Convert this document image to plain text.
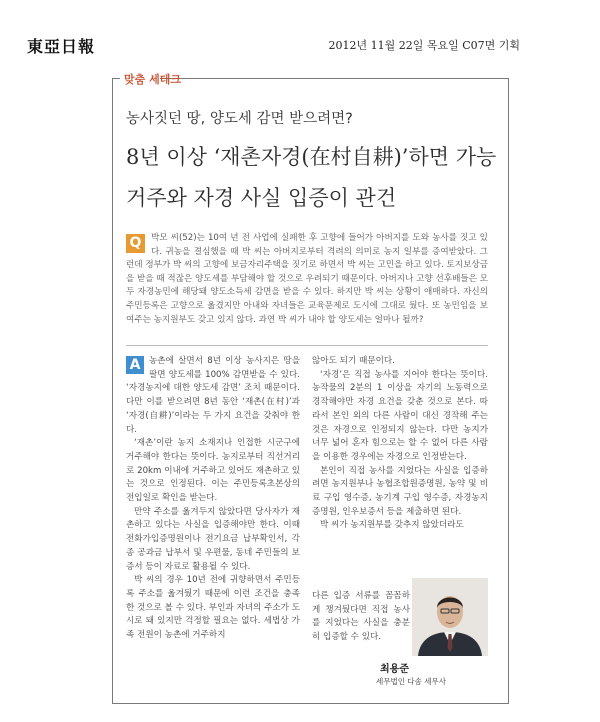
東亞日報	2012년 11월 22일 목요일 C07면 기획
맞춤 세테크
농사짓던 땅, 양도세 감면 받으려면?
8년 이상 ‘재촌자경(在村自耕)’하면 가능
거주와 자경 사실 입증이 관건
Q	박모 씨(52)는 10여 년 전 사업에 실패한 후 고향에 들어가 아버지를 도와 농사를 짓고 있다. 귀농을 결심했을 때 박 씨는 아버지로부터 격려의 의미로 농지 일부를 증여받았다. 그런데 정부가 박 씨의 고향에 보금자리주택을 짓기로 하면서 박 씨는 고민을 하고 있다. 토지보상금을 받을 때 적잖은 양도세를 부담해야 할 것으로 우려되기 때문이다. 아버지나 고향 선후배들은 모두 자경농민에 해당돼 양도소득세 감면을 받을 수 있다. 하지만 박 씨는 상황이 애매하다. 자신의 주민등록은 고향으로 옮겼지만 아내와 자녀들은 교육문제로 도시에 그대로 뒀다. 또 농민임을 보여주는 농지원부도 갖고 있지 않다. 과연 박 씨가 내야 할 양도세는 얼마나 될까?
A 농촌에 살면서 8년 이상 농사지은 땅을 팔면 양도세를 100% 감면받을 수 있다. ‘자경농지에 대한 양도세 감면’ 조치 때문이다. 다만 이를 받으려면 8년 동안 ‘재촌(在村)’과 ‘자경(自耕)’이라는 두 가지 요건을 갖춰야 한다.

‘재촌’이란 농지 소재지나 인접한 시군구에 거주해야 한다는 뜻이다. 농지로부터 직선거리로 20km 이내에 거주하고 있어도 재촌하고 있는 것으로 인정된다. 이는 주민등록초본상의 전입일로 확인을 받는다.

만약 주소를 옮겨두지 않았다면 당사자가 재촌하고 있다는 사실을 입증해야만 한다. 이때 전화가입증명원이나 전기요금 납부확인서, 각종 공과금 납부서 및 우편물, 동네 주민들의 보증서 등이 자료로 활용될 수 있다.

박 씨의 경우 10년 전에 귀향하면서 주민등록 주소를 옮겨뒀기 때문에 이런 조건을 충족한 것으로 볼 수 있다. 부인과 자녀의 주소가 도시로 돼 있지만 걱정할 필요는 없다. 세법상 가족 전원이 농촌에 거주하지

않아도 되기 때문이다.

‘자경’은 직접 농사를 지어야 한다는 뜻이다. 농작물의 2분의 1 이상을 자기의 노동력으로 경작해야만 자경 요건을 갖춘 것으로 본다. 따라서 본인 외의 다른 사람이 대신 경작해 주는 것은 자경으로 인정되지 않는다. 다만 농지가 너무 넓어 혼자 힘으로는 할 수 없어 다른 사람을 이용한 경우에는 자경으로 인정받는다.

본인이 직접 농사를 지었다는 사실을 입증하려면 농지원부나 농협조합원증명원, 농약 및 비료 구입 영수증, 농기계 구입 영수증, 자경농지증명원, 인우보증서 등을 제출하면 된다.

박 씨가 농지원부를 갖추지 않았더라도

다른 입증 서류를 꼼꼼하게 챙겨뒀다면 직접 농사를 지었다는 사실을 충분히 입증할 수 있다.
최용준
세무법인 다솜 세무사
